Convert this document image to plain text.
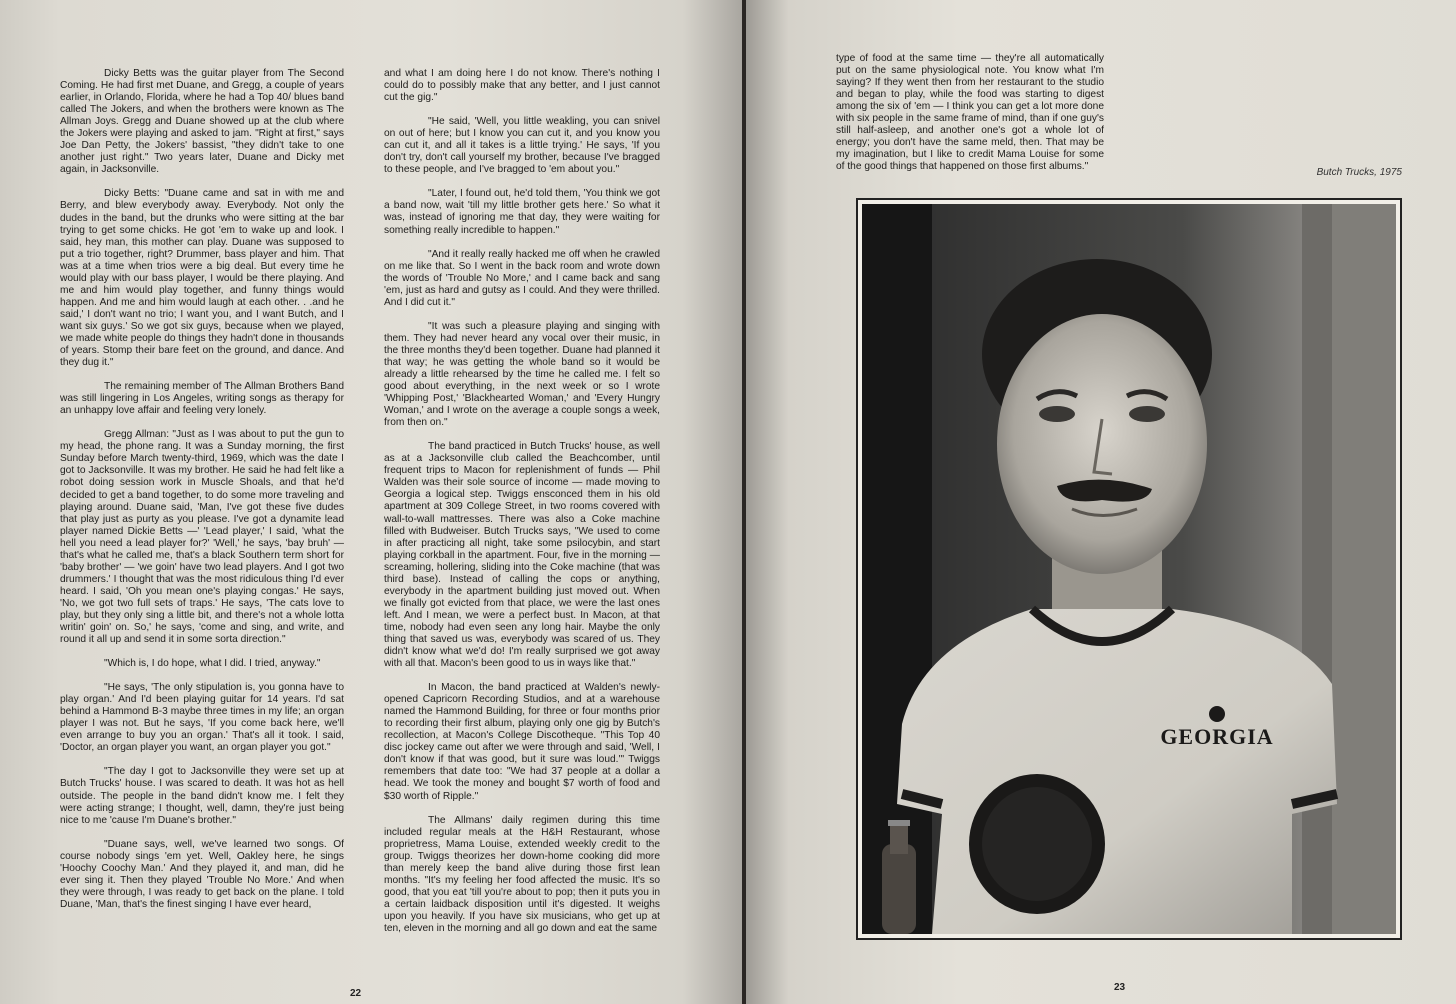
Dicky Betts was the guitar player from The Second Coming. He had first met Duane, and Gregg, a couple of years earlier, in Orlando, Florida, where he had a Top 40/ blues band called The Jokers, and when the brothers were known as The Allman Joys. Gregg and Duane showed up at the club where the Jokers were playing and asked to jam. "Right at first," says Joe Dan Petty, the Jokers' bassist, "they didn't take to one another just right." Two years later, Duane and Dicky met again, in Jacksonville.

Dicky Betts: "Duane came and sat in with me and Berry, and blew everybody away. Everybody. Not only the dudes in the band, but the drunks who were sitting at the bar trying to get some chicks. He got 'em to wake up and look. I said, hey man, this mother can play. Duane was supposed to put a trio together, right? Drummer, bass player and him. That was at a time when trios were a big deal. But every time he would play with our bass player, I would be there playing. And me and him would play together, and funny things would happen. And me and him would laugh at each other. . .and he said,' I don't want no trio; I want you, and I want Butch, and I want six guys.' So we got six guys, because when we played, we made white people do things they hadn't done in thousands of years. Stomp their bare feet on the ground, and dance. And they dug it."

The remaining member of The Allman Brothers Band was still lingering in Los Angeles, writing songs as therapy for an unhappy love affair and feeling very lonely.

Gregg Allman: "Just as I was about to put the gun to my head, the phone rang. It was a Sunday morning, the first Sunday before March twenty-third, 1969, which was the date I got to Jacksonville. It was my brother. He said he had felt like a robot doing session work in Muscle Shoals, and that he'd decided to get a band together, to do some more traveling and playing around. Duane said, 'Man, I've got these five dudes that play just as purty as you please. I've got a dynamite lead player named Dickie Betts —' 'Lead player,' I said, 'what the hell you need a lead player for?' 'Well,' he says, 'bay bruh' — that's what he called me, that's a black Southern term short for 'baby brother' — 'we goin' have two lead players. And I got two drummers.' I thought that was the most ridiculous thing I'd ever heard. I said, 'Oh you mean one's playing congas.' He says, 'No, we got two full sets of traps.' He says, 'The cats love to play, but they only sing a little bit, and there's not a whole lotta writin' goin' on. So,' he says, 'come and sing, and write, and round it all up and send it in some sorta direction."

"Which is, I do hope, what I did. I tried, anyway."

"He says, 'The only stipulation is, you gonna have to play organ.' And I'd been playing guitar for 14 years. I'd sat behind a Hammond B-3 maybe three times in my life; an organ player I was not. But he says, 'If you come back here, we'll even arrange to buy you an organ.' That's all it took. I said, 'Doctor, an organ player you want, an organ player you got."

"The day I got to Jacksonville they were set up at Butch Trucks' house. I was scared to death. It was hot as hell outside. The people in the band didn't know me. I felt they were acting strange; I thought, well, damn, they're just being nice to me 'cause I'm Duane's brother."

"Duane says, well, we've learned two songs. Of course nobody sings 'em yet. Well, Oakley here, he sings 'Hoochy Coochy Man.' And they played it, and man, did he ever sing it. Then they played 'Trouble No More.' And when they were through, I was ready to get back on the plane. I told Duane, 'Man, that's the finest singing I have ever heard,

and what I am doing here I do not know. There's nothing I could do to possibly make that any better, and I just cannot cut the gig."

"He said, 'Well, you little weakling, you can snivel on out of here; but I know you can cut it, and you know you can cut it, and all it takes is a little trying.' He says, 'If you don't try, don't call yourself my brother, because I've bragged to these people, and I've bragged to 'em about you."

"Later, I found out, he'd told them, 'You think we got a band now, wait 'till my little brother gets here.' So what it was, instead of ignoring me that day, they were waiting for something really incredible to happen."

"And it really really hacked me off when he crawled on me like that. So I went in the back room and wrote down the words of 'Trouble No More,' and I came back and sang 'em, just as hard and gutsy as I could. And they were thrilled. And I did cut it."

"It was such a pleasure playing and singing with them. They had never heard any vocal over their music, in the three months they'd been together. Duane had planned it that way; he was getting the whole band so it would be already a little rehearsed by the time he called me. I felt so good about everything, in the next week or so I wrote 'Whipping Post,' 'Blackhearted Woman,' and 'Every Hungry Woman,' and I wrote on the average a couple songs a week, from then on."

The band practiced in Butch Trucks' house, as well as at a Jacksonville club called the Beachcomber, until frequent trips to Macon for replenishment of funds — Phil Walden was their sole source of income — made moving to Georgia a logical step. Twiggs ensconced them in his old apartment at 309 College Street, in two rooms covered with wall-to-wall mattresses. There was also a Coke machine filled with Budweiser. Butch Trucks says, "We used to come in after practicing all night, take some psilocybin, and start playing corkball in the apartment. Four, five in the morning — screaming, hollering, sliding into the Coke machine (that was third base). Instead of calling the cops or anything, everybody in the apartment building just moved out. When we finally got evicted from that place, we were the last ones left. And I mean, we were a perfect bust. In Macon, at that time, nobody had even seen any long hair. Maybe the only thing that saved us was, everybody was scared of us. They didn't know what we'd do! I'm really surprised we got away with all that. Macon's been good to us in ways like that."

In Macon, the band practiced at Walden's newly-opened Capricorn Recording Studios, and at a warehouse named the Hammond Building, for three or four months prior to recording their first album, playing only one gig by Butch's recollection, at Macon's College Discotheque. "This Top 40 disc jockey came out after we were through and said, 'Well, I don't know if that was good, but it sure was loud.'" Twiggs remembers that date too: "We had 37 people at a dollar a head. We took the money and bought $7 worth of food and $30 worth of Ripple."

The Allmans' daily regimen during this time included regular meals at the H&H Restaurant, whose proprietress, Mama Louise, extended weekly credit to the group. Twiggs theorizes her down-home cooking did more than merely keep the band alive during those first lean months. "It's my feeling her food affected the music. It's so good, that you eat 'till you're about to pop; then it puts you in a certain laidback disposition until it's digested. It weighs upon you heavily. If you have six musicians, who get up at ten, eleven in the morning and all go down and eat the same

22

type of food at the same time — they're all automatically put on the same physiological note. You know what I'm saying? If they went then from her restaurant to the studio and began to play, while the food was starting to digest among the six of 'em — I think you can get a lot more done with six people in the same frame of mind, than if one guy's still half-asleep, and another one's got a whole lot of energy; you don't have the same meld, then. That may be my imagination, but I like to credit Mama Louise for some of the good things that happened on those first albums."

Butch Trucks, 1975
GEORGIA
23
